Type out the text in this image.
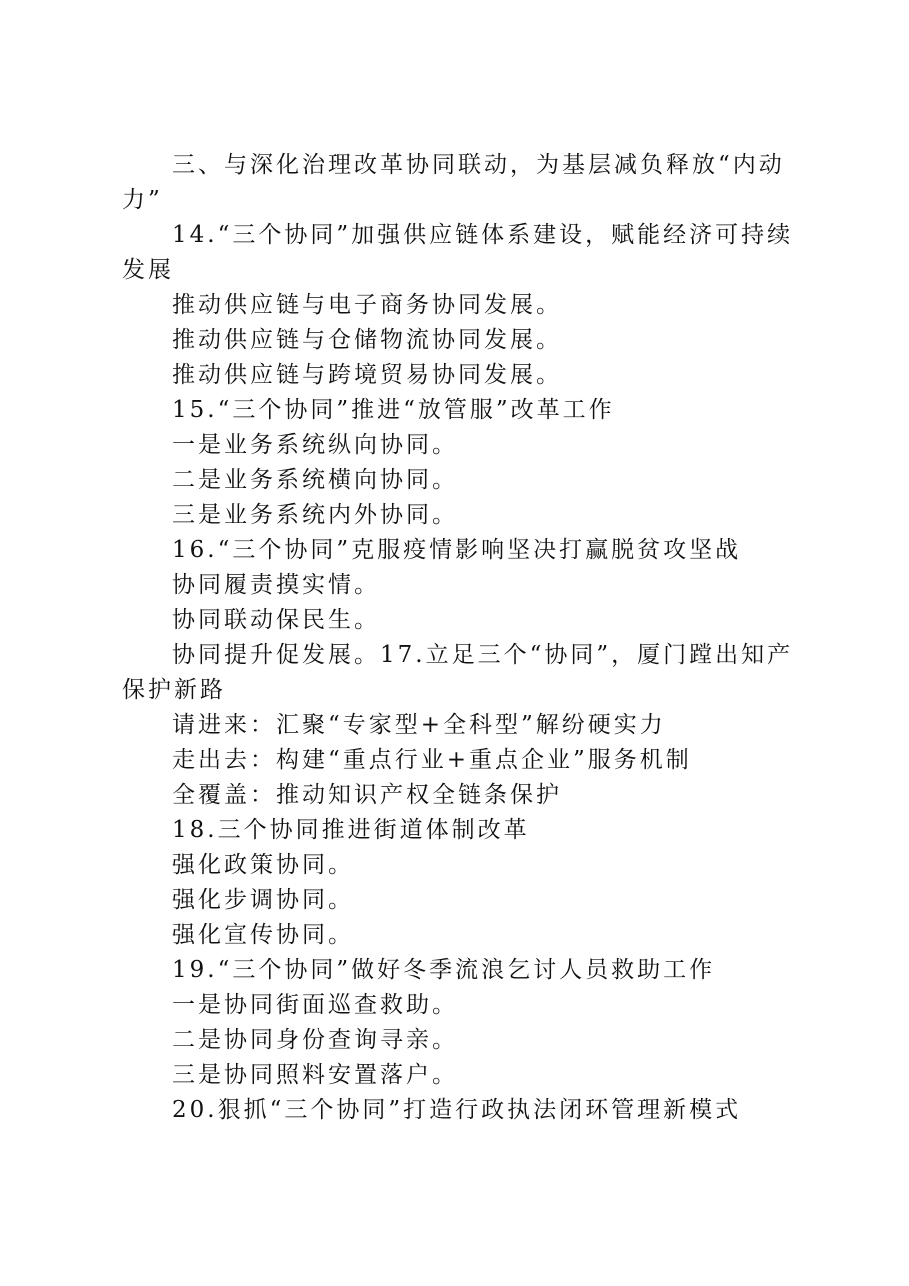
三、与深化治理改革协同联动，为基层减负释放“内动力”

14.“三个协同”加强供应链体系建设，赋能经济可持续发展

推动供应链与电子商务协同发展。

推动供应链与仓储物流协同发展。

推动供应链与跨境贸易协同发展。

15.“三个协同”推进“放管服”改革工作

一是业务系统纵向协同。

二是业务系统横向协同。

三是业务系统内外协同。

16.“三个协同”克服疫情影响坚决打赢脱贫攻坚战

协同履责摸实情。

协同联动保民生。

协同提升促发展。17.立足三个“协同”，厦门蹚出知产保护新路

请进来：汇聚“专家型+全科型”解纷硬实力

走出去：构建“重点行业+重点企业”服务机制

全覆盖：推动知识产权全链条保护

18.三个协同推进街道体制改革

强化政策协同。

强化步调协同。

强化宣传协同。

19.“三个协同”做好冬季流浪乞讨人员救助工作

一是协同街面巡查救助。

二是协同身份查询寻亲。

三是协同照料安置落户。

20.狠抓“三个协同”打造行政执法闭环管理新模式
